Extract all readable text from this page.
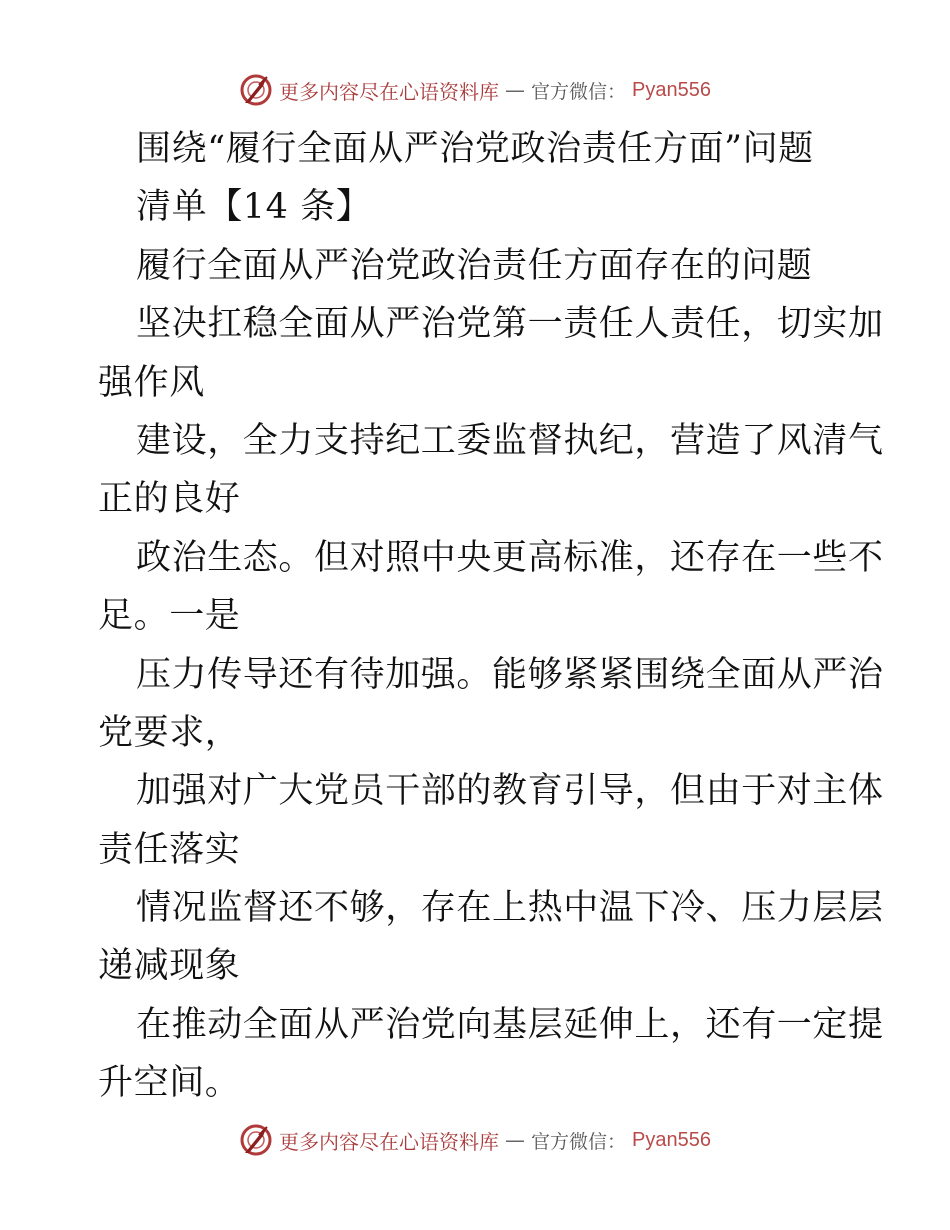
更多内容尽在心语资料库 — 官方微信： Pyan556
围绕“履行全面从严治党政治责任方面”问题
清单【14 条】
履行全面从严治党政治责任方面存在的问题
坚决扛稳全面从严治党第一责任人责任，切实加
强作风
建设，全力支持纪工委监督执纪，营造了风清气
正的良好
政治生态。但对照中央更高标准，还存在一些不
足。一是
压力传导还有待加强。能够紧紧围绕全面从严治
党要求，
加强对广大党员干部的教育引导，但由于对主体
责任落实
情况监督还不够，存在上热中温下冷、压力层层
递减现象
在推动全面从严治党向基层延伸上，还有一定提
升空间。
更多内容尽在心语资料库 — 官方微信： Pyan556
